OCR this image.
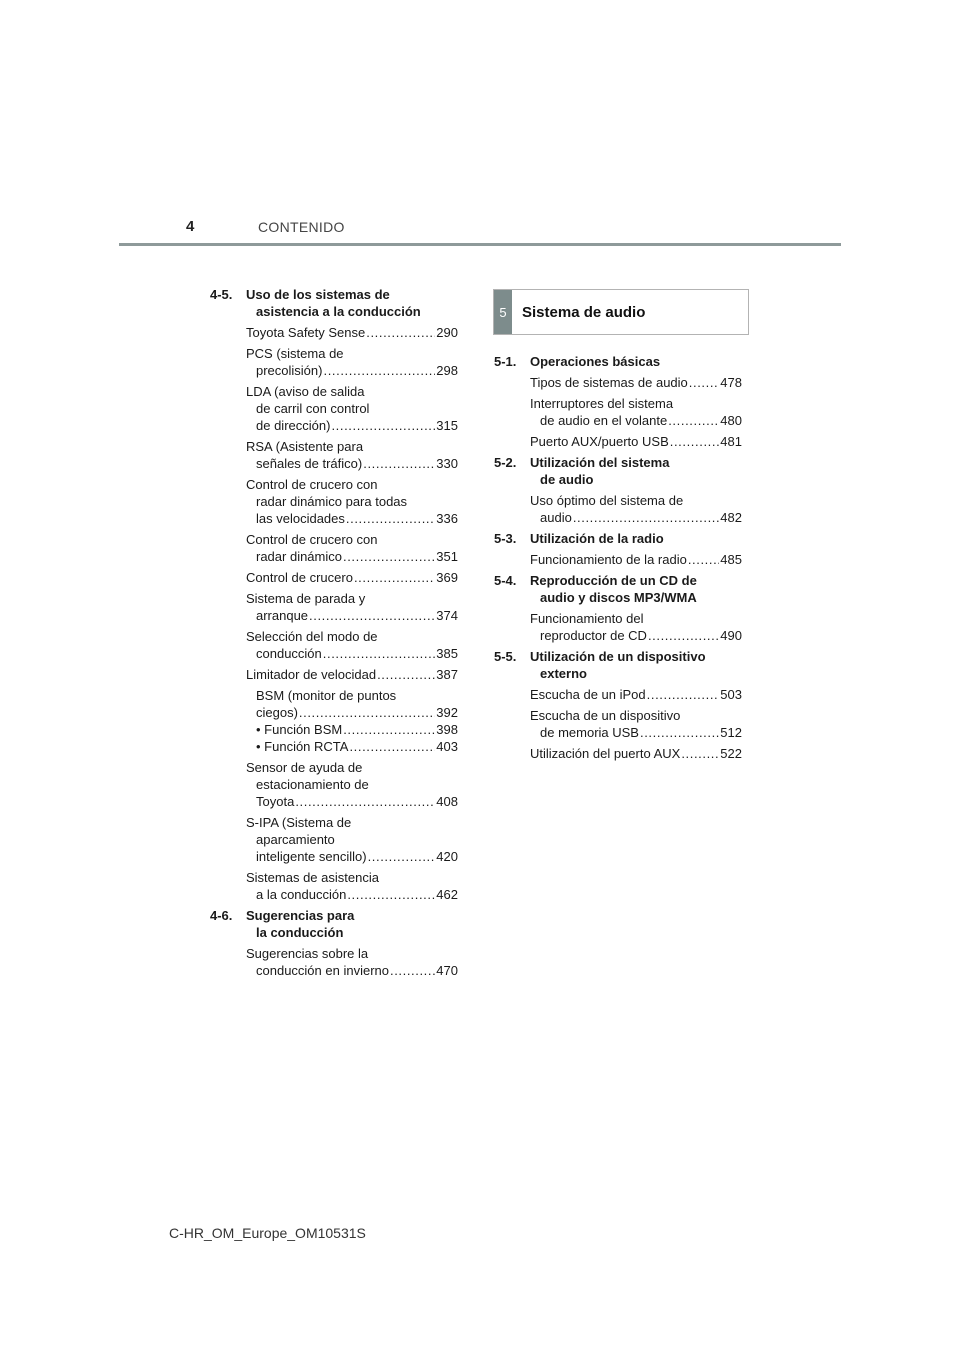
4	CONTENIDO
4-5. Uso de los sistemas de
asistencia a la conducción
Toyota Safety Sense .....	290
PCS (sistema de
precolisión) .....	298
LDA (aviso de salida
de carril con control
de dirección) .....	315
RSA (Asistente para
señales de tráfico) .....	330
Control de crucero con
radar dinámico para todas
las velocidades .....	336
Control de crucero con
radar dinámico .....	351
Control de crucero .....	369
Sistema de parada y
arranque .....	374
Selección del modo de
conducción .....	385
Limitador de velocidad .....	387
BSM (monitor de puntos
ciegos) .....	392
• Función BSM .....	398
• Función RCTA .....	403
Sensor de ayuda de
estacionamiento de
Toyota .....	408
S-IPA (Sistema de
aparcamiento
inteligente sencillo) .....	420
Sistemas de asistencia
a la conducción .....	462
4-6. Sugerencias para
la conducción
Sugerencias sobre la
conducción en invierno .....	470
5	Sistema de audio
5-1. Operaciones básicas
Tipos de sistemas de audio .....	478
Interruptores del sistema
de audio en el volante .....	480
Puerto AUX/puerto USB .....	481
5-2. Utilización del sistema
de audio
Uso óptimo del sistema de
audio .....	482
5-3. Utilización de la radio
Funcionamiento de la radio .....	485
5-4. Reproducción de un CD de
audio y discos MP3/WMA
Funcionamiento del
reproductor de CD .....	490
5-5. Utilización de un dispositivo
externo
Escucha de un iPod .....	503
Escucha de un dispositivo
de memoria USB .....	512
Utilización del puerto AUX .....	522
C-HR_OM_Europe_OM10531S
